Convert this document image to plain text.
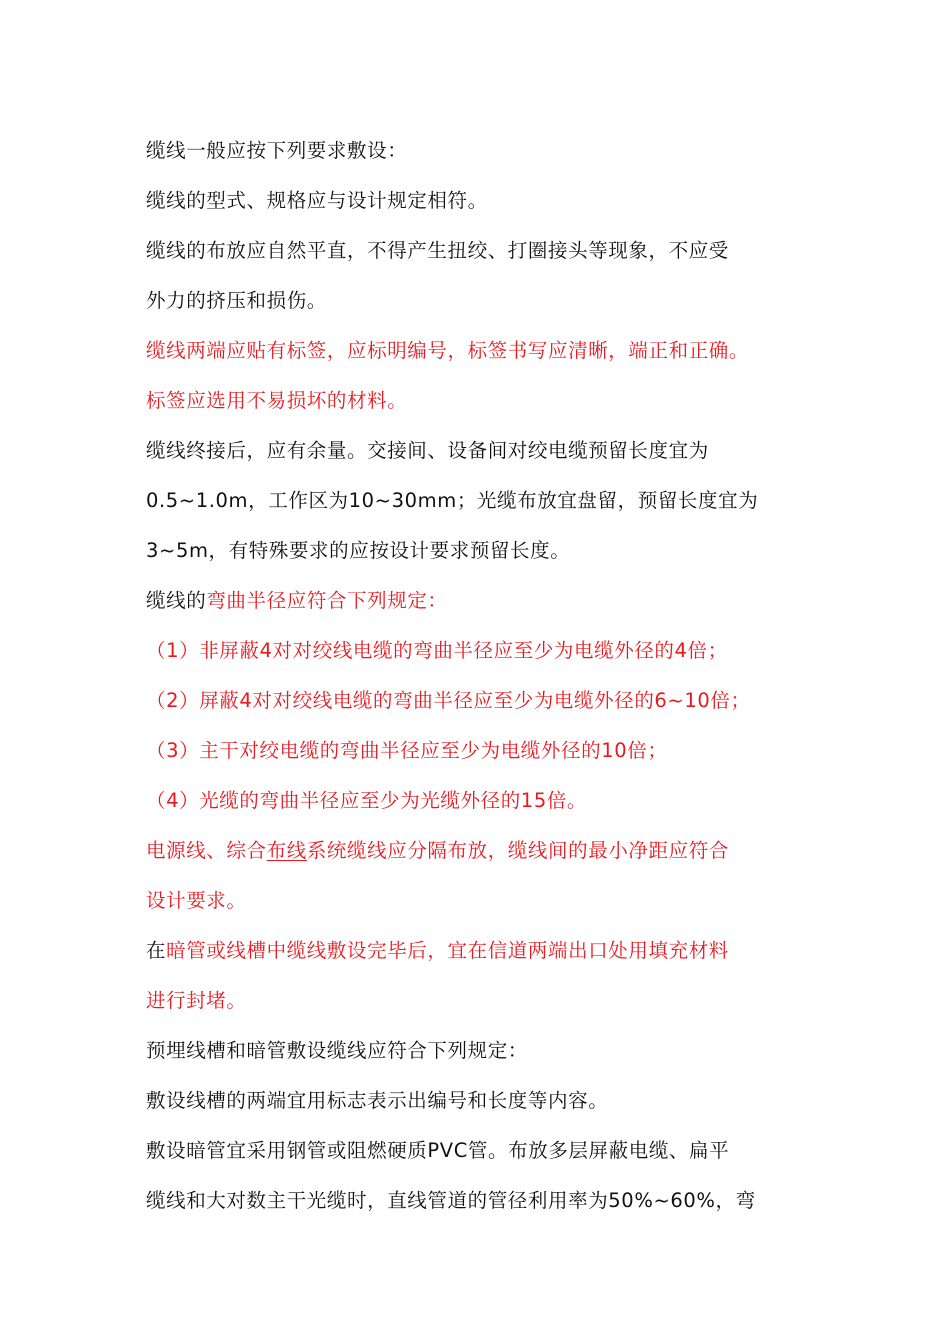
缆线一般应按下列要求敷设：
缆线的型式、规格应与设计规定相符。
缆线的布放应自然平直，不得产生扭绞、打圈接头等现象，不应受
外力的挤压和损伤。
缆线两端应贴有标签，应标明编号，标签书写应清晰，端正和正确。
标签应选用不易损坏的材料。
缆线终接后，应有余量。交接间、设备间对绞电缆预留长度宜为
0.5~1.0m，工作区为10~30mm；光缆布放宜盘留，预留长度宜为
3~5m，有特殊要求的应按设计要求预留长度。
缆线的弯曲半径应符合下列规定：
（1）非屏蔽4对对绞线电缆的弯曲半径应至少为电缆外径的4倍；
（2）屏蔽4对对绞线电缆的弯曲半径应至少为电缆外径的6~10倍；
（3）主干对绞电缆的弯曲半径应至少为电缆外径的10倍；
（4）光缆的弯曲半径应至少为光缆外径的15倍。
电源线、综合布线系统缆线应分隔布放，缆线间的最小净距应符合
设计要求。
在暗管或线槽中缆线敷设完毕后，宜在信道两端出口处用填充材料
进行封堵。
预埋线槽和暗管敷设缆线应符合下列规定：
敷设线槽的两端宜用标志表示出编号和长度等内容。
敷设暗管宜采用钢管或阻燃硬质PVC管。布放多层屏蔽电缆、扁平
缆线和大对数主干光缆时，直线管道的管径利用率为50%~60%，弯
